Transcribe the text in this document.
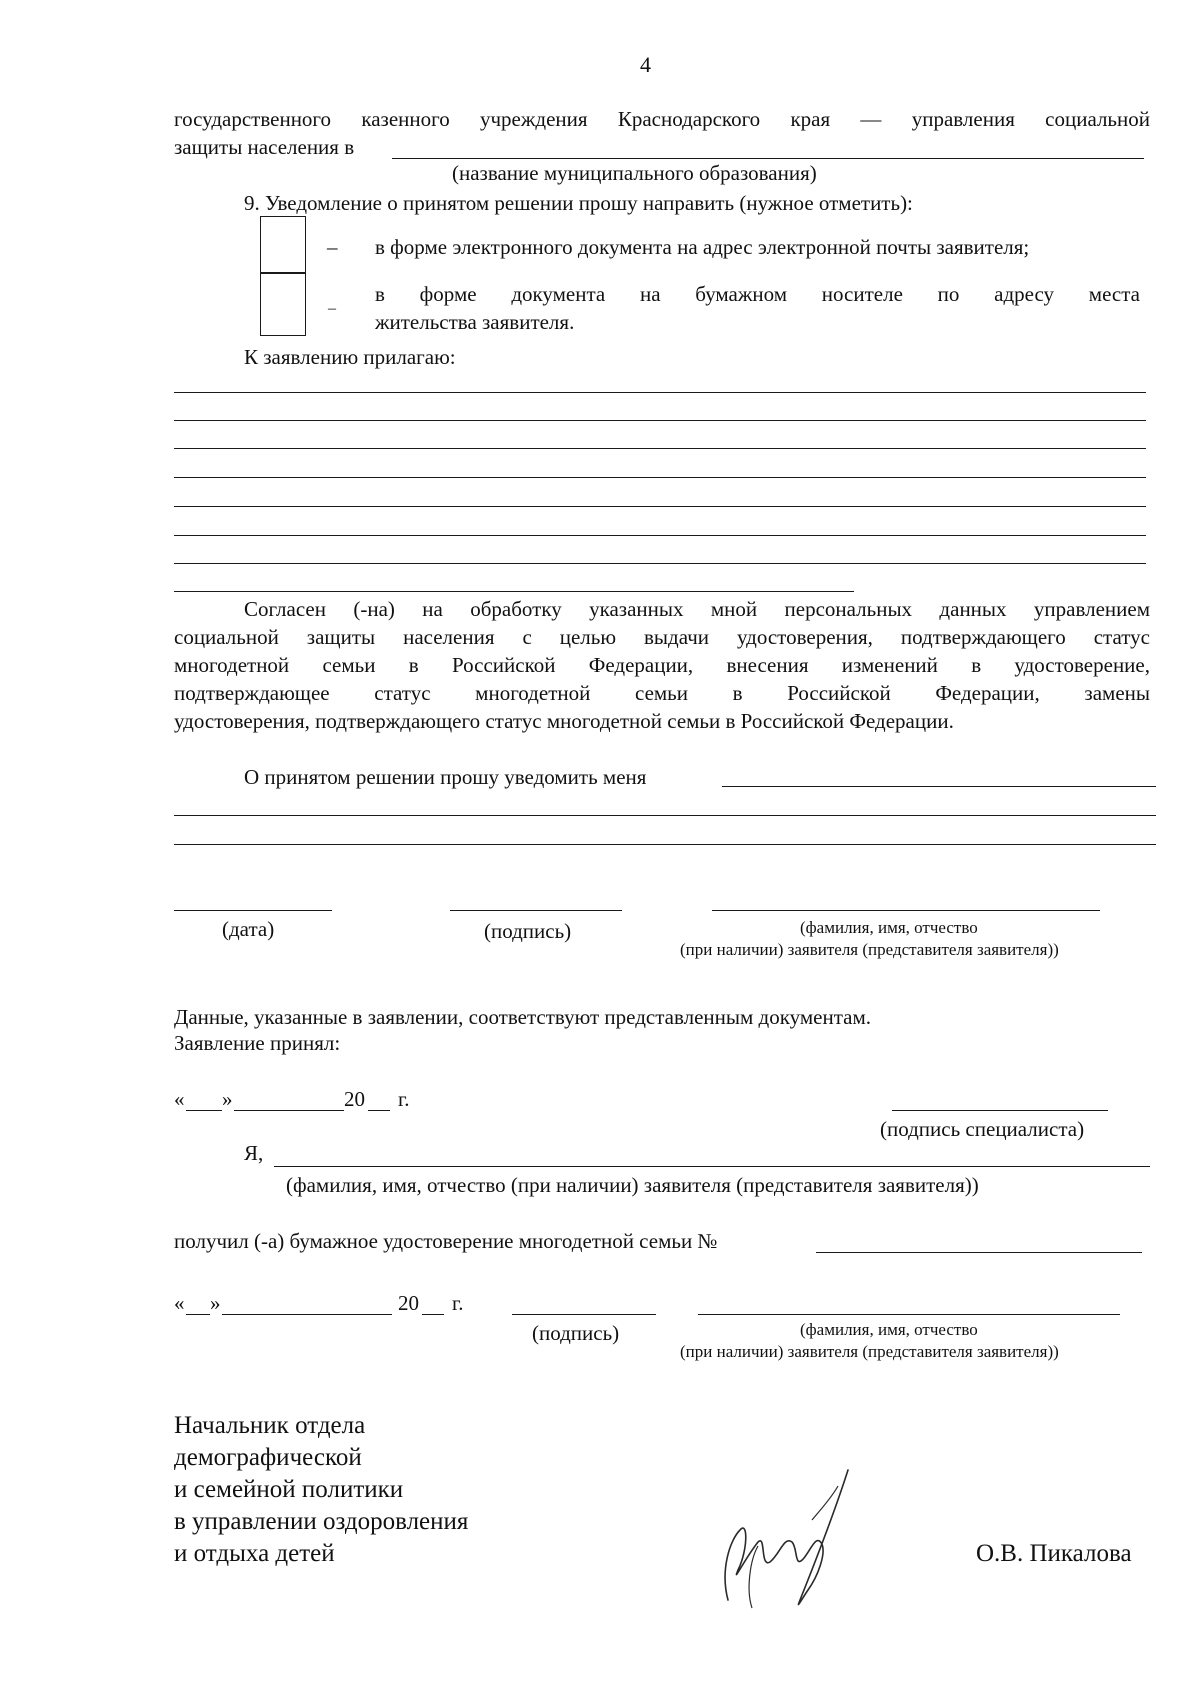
4
государственного казенного учреждения Краснодарского края — управления социальной
защиты населения в
(название муниципального образования)
9. Уведомление о принятом решении прошу направить (нужное отметить):
– в форме электронного документа на адрес электронной почты заявителя;
–
в форме документа на бумажном носителе по адресу места
жительства заявителя.
К заявлению прилагаю:
Согласен (-на) на обработку указанных мной персональных данных управлением
социальной защиты населения с целью выдачи удостоверения, подтверждающего статус
многодетной семьи в Российской Федерации, внесения изменений в удостоверение,
подтверждающее статус многодетной семьи в Российской Федерации, замены
удостоверения, подтверждающего статус многодетной семьи в Российской Федерации.
О принятом решении прошу уведомить меня
(дата)	(подпись)	(фамилия, имя, отчество
(при наличии) заявителя (представителя заявителя))
Данные, указанные в заявлении, соответствуют представленным документам.
Заявление принял:
« »	20 г.
(подпись специалиста)
Я,
(фамилия, имя, отчество (при наличии) заявителя (представителя заявителя))
получил (-а) бумажное удостоверение многодетной семьи №
« »	20 г.
(подпись)	(фамилия, имя, отчество
(при наличии) заявителя (представителя заявителя))
Начальник отдела
демографической
и семейной политики
в управлении оздоровления
и отдыха детей	О.В. Пикалова
